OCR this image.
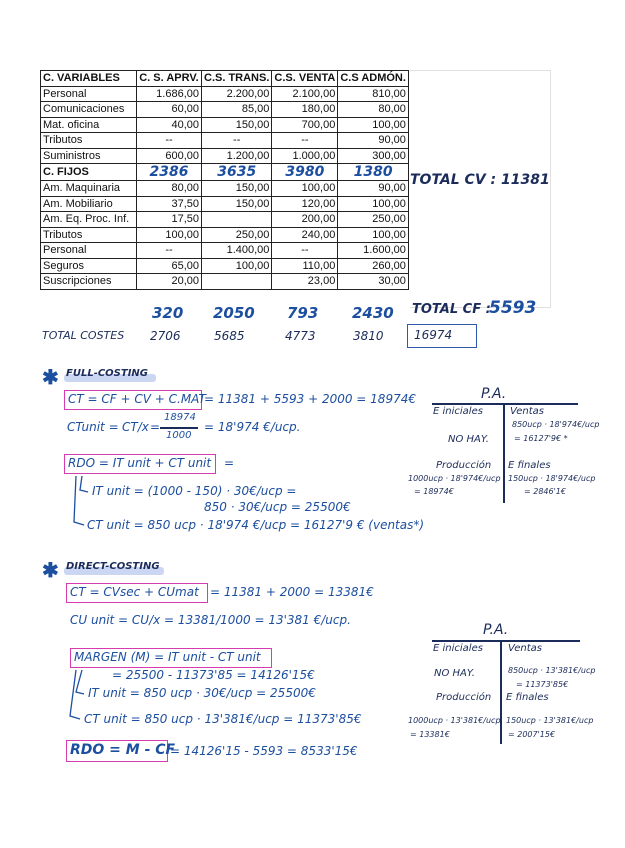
C. VARIABLES	C. S. APRV.	C.S. TRANS.	C.S. VENTA	C.S ADMÓN.
Personal	1.686,00	2.200,00	2.100,00	810,00
Comunicaciones	60,00	85,00	180,00	80,00
Mat. oficina	40,00	150,00	700,00	100,00
Tributos	--	--	--	90,00
Suministros	600,00	1.200,00	1.000,00	300,00
C. FIJOS	2386	3635	3980	1380
Am. Maquinaria	80,00	150,00	100,00	90,00
Am. Mobiliario	37,50	150,00	120,00	100,00
Am. Eq. Proc. Inf.	17,50		200,00	250,00
Tributos	100,00	250,00	240,00	100,00
Personal	--	1.400,00	--	1.600,00
Seguros	65,00	100,00	110,00	260,00
Suscripciones	20,00		23,00	30,00
TOTAL CV : 11381
TOTAL CF :
5593
320 2050 793 2430
TOTAL COSTES 2706	5685	4773	3810	16974
✱ FULL-COSTING
CT = CF + CV + C.MAT
= 11381 + 5593 + 2000 = 18974€
CTunit = CT/x =
18974
1000
= 18'974 €/ucp.
RDO = IT unit + CT unit =
IT unit = (1000 - 150) · 30€/ucp =
850 · 30€/ucp = 25500€
CT unit = 850 ucp · 18'974 €/ucp = 16127'9 € (ventas*)
P.A.
E iniciales
NO HAY.
Producción
1000ucp · 18'974€/ucp
= 18974€
Ventas
850ucp · 18'974€/ucp
= 16127'9€ *
E finales
150ucp · 18'974€/ucp
= 2846'1€
✱ DIRECT-COSTING
CT = CVsec + CUmat = 11381 + 2000 = 13381€
CU unit = CU/x = 13381/1000 = 13'381 €/ucp.
MARGEN (M) = IT unit - CT unit
= 25500 - 11373'85 = 14126'15€
IT unit = 850 ucp · 30€/ucp = 25500€
CT unit = 850 ucp · 13'381€/ucp = 11373'85€
RDO = M - CF
= 14126'15 - 5593 = 8533'15€
P.A.
E iniciales
NO HAY.
Producción
1000ucp · 13'381€/ucp
= 13381€
Ventas
850ucp · 13'381€/ucp
= 11373'85€
E finales
150ucp · 13'381€/ucp
= 2007'15€
